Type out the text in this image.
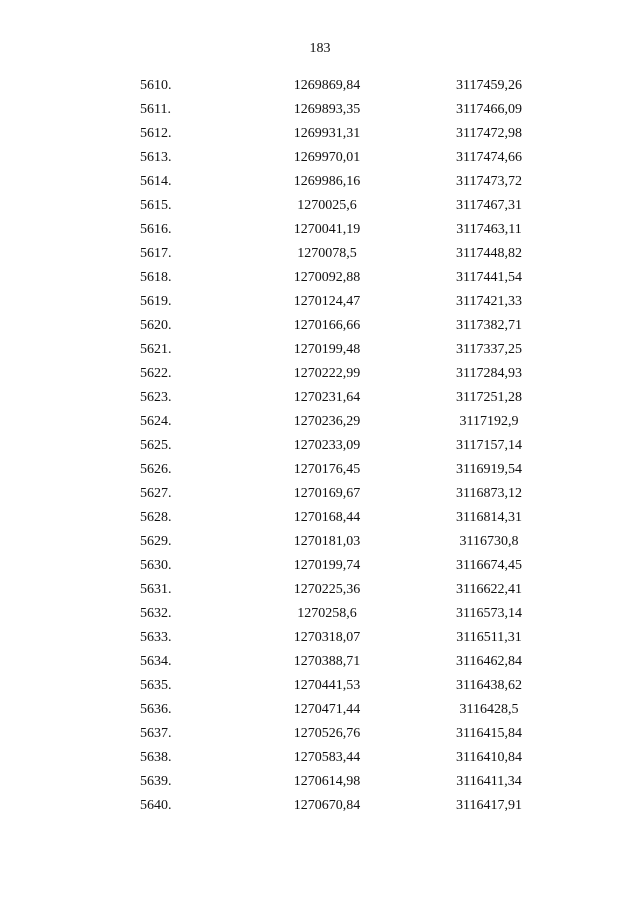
183
5610.	1269869,84	3117459,26
5611.	1269893,35	3117466,09
5612.	1269931,31	3117472,98
5613.	1269970,01	3117474,66
5614.	1269986,16	3117473,72
5615.	1270025,6	3117467,31
5616.	1270041,19	3117463,11
5617.	1270078,5	3117448,82
5618.	1270092,88	3117441,54
5619.	1270124,47	3117421,33
5620.	1270166,66	3117382,71
5621.	1270199,48	3117337,25
5622.	1270222,99	3117284,93
5623.	1270231,64	3117251,28
5624.	1270236,29	3117192,9
5625.	1270233,09	3117157,14
5626.	1270176,45	3116919,54
5627.	1270169,67	3116873,12
5628.	1270168,44	3116814,31
5629.	1270181,03	3116730,8
5630.	1270199,74	3116674,45
5631.	1270225,36	3116622,41
5632.	1270258,6	3116573,14
5633.	1270318,07	3116511,31
5634.	1270388,71	3116462,84
5635.	1270441,53	3116438,62
5636.	1270471,44	3116428,5
5637.	1270526,76	3116415,84
5638.	1270583,44	3116410,84
5639.	1270614,98	3116411,34
5640.	1270670,84	3116417,91
